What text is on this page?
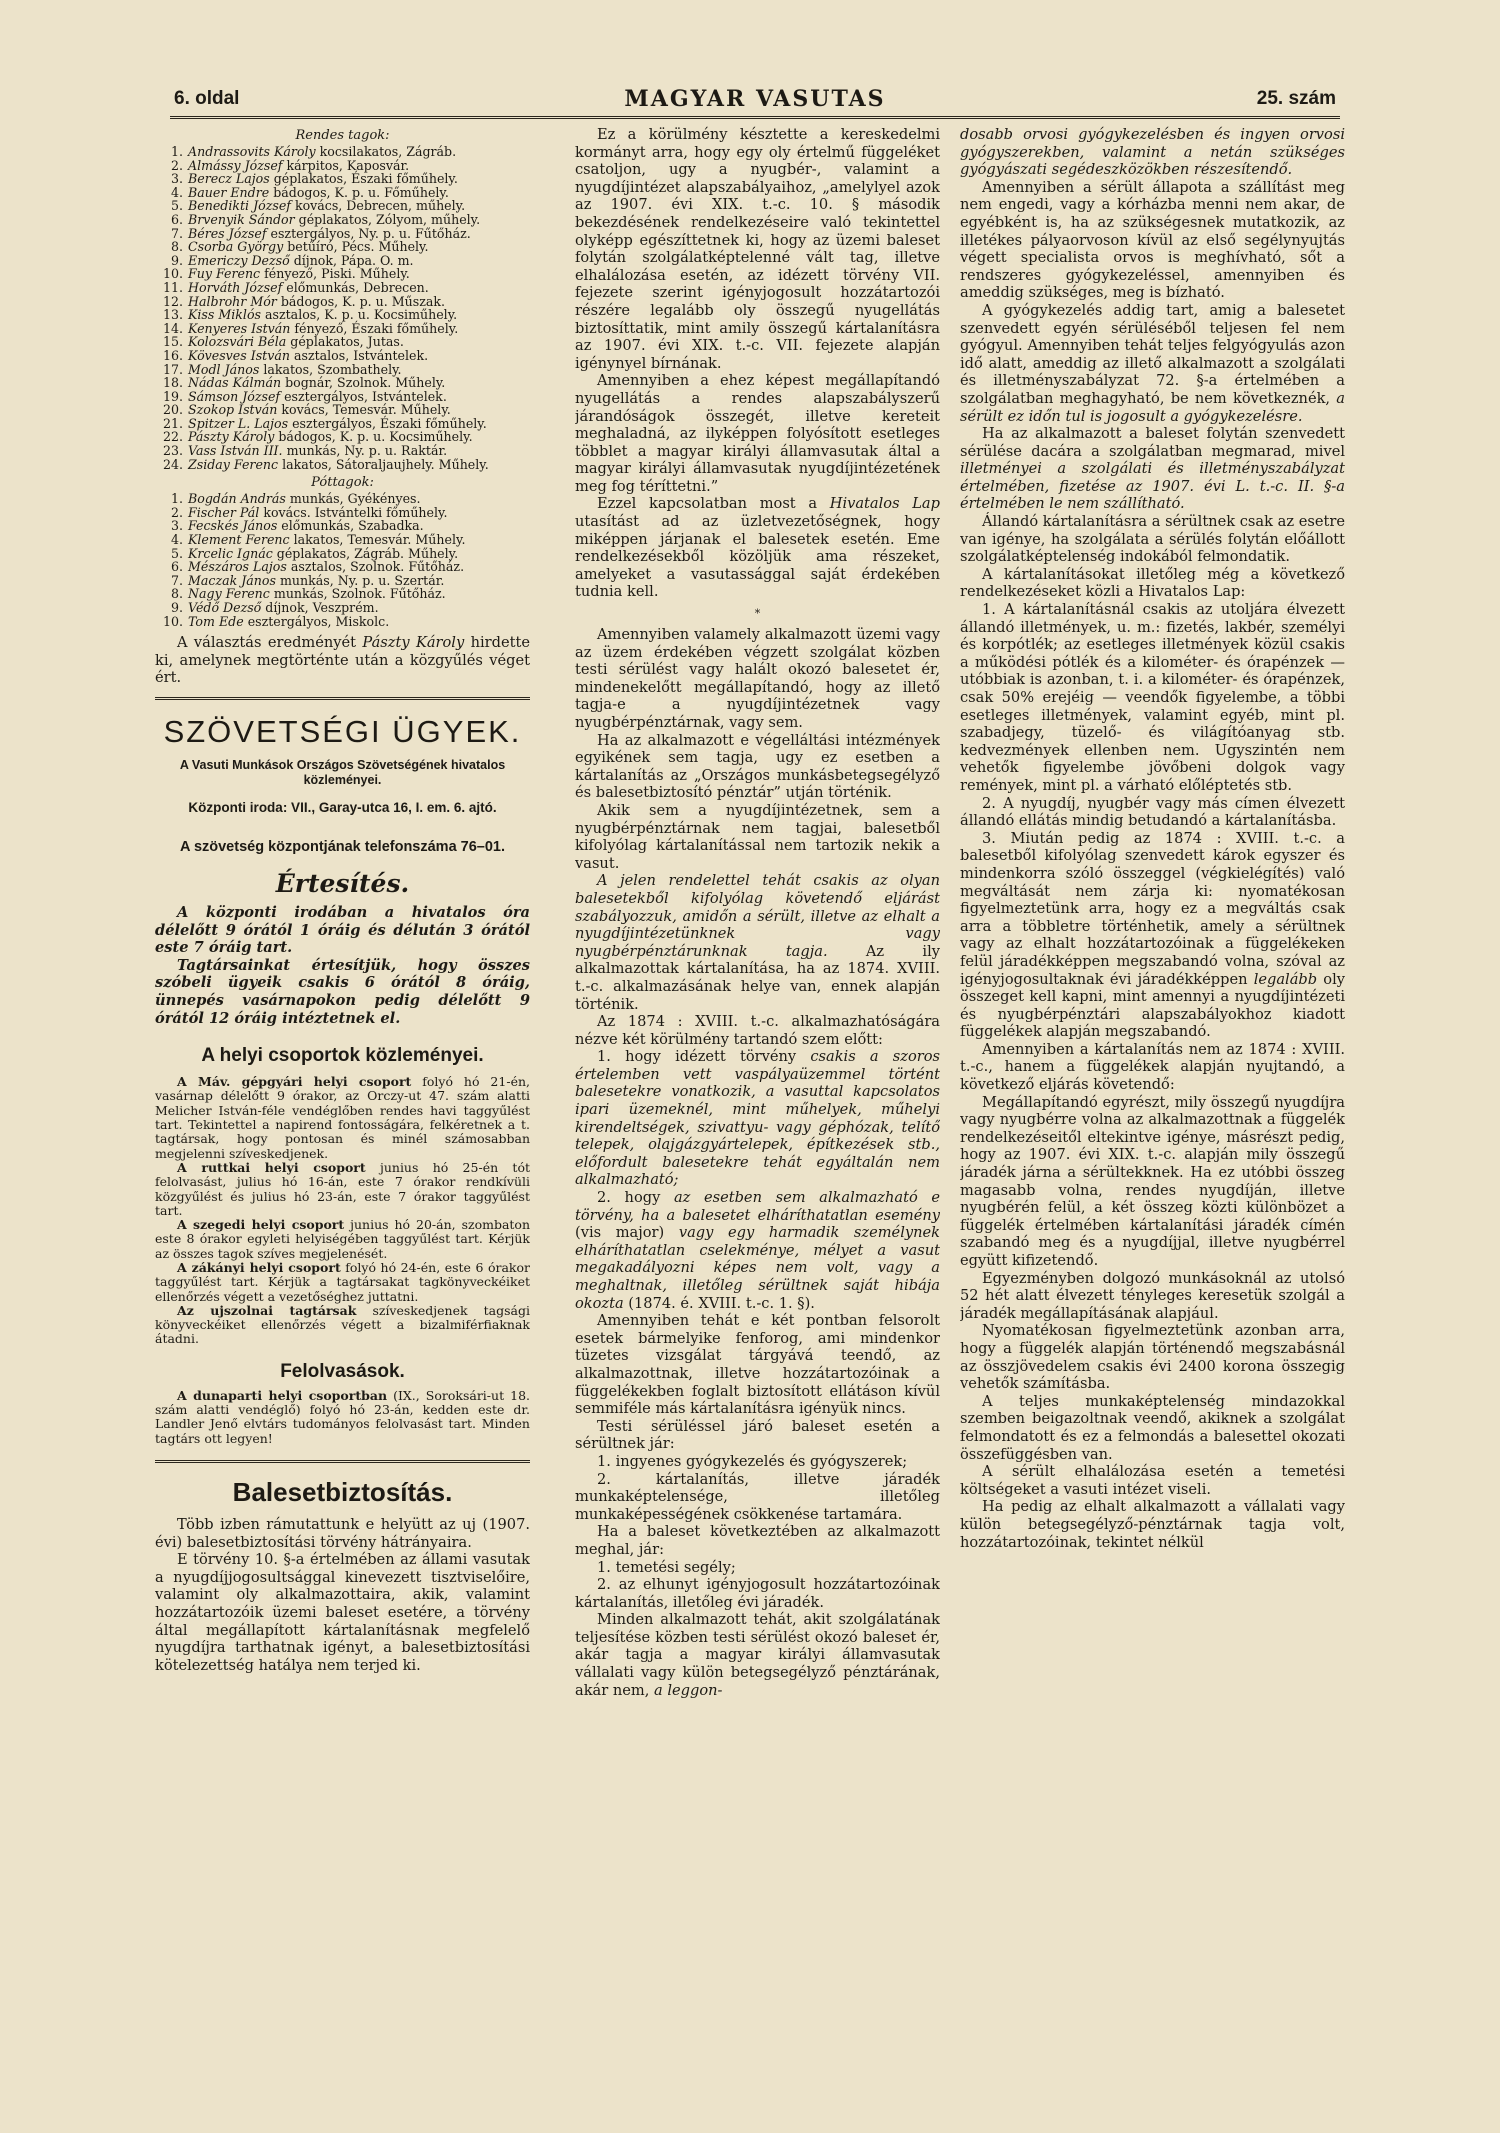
6. oldal	MAGYAR VASUTAS	25. szám
Rendes tagok:
1. Andrassovits Károly kocsilakatos, Zágráb.
2. Almássy József kárpitos, Kaposvár.
3. Berecz Lajos géplakatos, Északi főműhely.
4. Bauer Endre bádogos, K. p. u. Főműhely.
5. Benedikti József kovács, Debrecen, műhely.
6. Brvenyik Sándor géplakatos, Zólyom, műhely.
7. Béres József esztergályos, Ny. p. u. Fűtőház.
8. Csorba György betűíró, Pécs. Műhely.
9. Emericzy Dezső díjnok, Pápa. O. m.
10. Fuy Ferenc fényező, Piski. Műhely.
11. Horváth József előmunkás, Debrecen.
12. Halbrohr Mór bádogos, K. p. u. Műszak.
13. Kiss Miklós asztalos, K. p. u. Kocsiműhely.
14. Kenyeres István fényező, Északi főműhely.
15. Kolozsvári Béla géplakatos, Jutas.
16. Kövesves István asztalos, Istvántelek.
17. Modl János lakatos, Szombathely.
18. Nádas Kálmán bognár, Szolnok. Műhely.
19. Sámson József esztergályos, Istvántelek.
20. Szokop István kovács, Temesvár. Műhely.
21. Spitzer L. Lajos esztergályos, Északi főműhely.
22. Pászty Károly bádogos, K. p. u. Kocsiműhely.
23. Vass István III. munkás, Ny. p. u. Raktár.
24. Zsiday Ferenc lakatos, Sátoraljaujhely. Műhely.
Póttagok:
1. Bogdán András munkás, Gyékényes.
2. Fischer Pál kovács. Istvántelki főműhely.
3. Fecskés János előmunkás, Szabadka.
4. Klement Ferenc lakatos, Temesvár. Műhely.
5. Krcelic Ignác géplakatos, Zágráb. Műhely.
6. Mészáros Lajos asztalos, Szolnok. Fűtőház.
7. Maczak János munkás, Ny. p. u. Szertár.
8. Nagy Ferenc munkás, Szolnok. Fűtőház.
9. Védő Dezső díjnok, Veszprém.
10. Tom Ede esztergályos, Miskolc.

A választás eredményét Pászty Károly hirdette ki, amelynek megtörténte után a közgyűlés véget ért.

SZÖVETSÉGI ÜGYEK.
A Vasuti Munkások Országos Szövetségének hivatalos közleményei.
Központi iroda: VII., Garay-utca 16, I. em. 6. ajtó.
A szövetség központjának telefonszáma 76–01.
Értesítés.

A központi irodában a hivatalos óra délelőtt 9 órától 1 óráig és délután 3 órától este 7 óráig tart.

Tagtársainkat értesítjük, hogy összes szóbeli ügyeik csakis 6 órától 8 óráig, ünnepés vasárnapokon pedig délelőtt 9 órától 12 óráig intéztetnek el.

A helyi csoportok közleményei.

A Máv. gépgyári helyi csoport folyó hó 21-én, vasárnap délelőtt 9 órakor, az Orczy-ut 47. szám alatti Melicher István-féle vendéglőben rendes havi taggyűlést tart. Tekintettel a napirend fontosságára, felkéretnek a t. tagtársak, hogy pontosan és minél számosabban megjelenni szíveskedjenek.

A ruttkai helyi csoport junius hó 25-én tót felolvasást, julius hó 16-án, este 7 órakor rendkívüli közgyűlést és julius hó 23-án, este 7 órakor taggyűlést tart.

A szegedi helyi csoport junius hó 20-án, szombaton este 8 órakor egyleti helyiségében taggyűlést tart. Kérjük az összes tagok szíves megjelenését.

A zákányi helyi csoport folyó hó 24-én, este 6 órakor taggyűlést tart. Kérjük a tagtársakat tagkönyveckéiket ellenőrzés végett a vezetőséghez juttatni.

Az ujszolnai tagtársak szíveskedjenek tagsági könyveckéiket ellenőrzés végett a bizalmiférfiaknak átadni.

Felolvasások.

A dunaparti helyi csoportban (IX., Soroksári-ut 18. szám alatti vendéglő) folyó hó 23-án, kedden este dr. Landler Jenő elvtárs tudományos felolvasást tart. Minden tagtárs ott legyen!

Balesetbiztosítás.

Több izben rámutattunk e helyütt az uj (1907. évi) balesetbiztosítási törvény hátrányaira.

E törvény 10. §-a értelmében az állami vasutak a nyugdíjjogosultsággal kinevezett tisztviselőire, valamint oly alkalmazottaira, akik, valamint hozzátartozóik üzemi baleset esetére, a törvény által megállapított kártalanításnak megfelelő nyugdíjra tarthatnak igényt, a balesetbiztosítási kötelezettség hatálya nem terjed ki.

Ez a körülmény késztette a kereskedelmi kormányt arra, hogy egy oly értelmű függeléket csatoljon, ugy a nyugbér-, valamint a nyugdíjintézet alapszabályaihoz, „amelylyel azok az 1907. évi XIX. t.-c. 10. § második bekezdésének rendelkezéseire való tekintettel olyképp egészíttetnek ki, hogy az üzemi baleset folytán szolgálatképtelenné vált tag, illetve elhalálozása esetén, az idézett törvény VII. fejezete szerint igényjogosult hozzátartozói részére legalább oly összegű nyugellátás biztosíttatik, mint amily összegű kártalanításra az 1907. évi XIX. t.-c. VII. fejezete alapján igénynyel bírnának.

Amennyiben a ehez képest megállapítandó nyugellátás a rendes alapszabályszerű járandóságok összegét, illetve kereteit meghaladná, az ilyképpen folyósított esetleges többlet a magyar királyi államvasutak által a magyar királyi államvasutak nyugdíjintézetének meg fog téríttetni.”

Ezzel kapcsolatban most a Hivatalos Lap utasítást ad az üzletvezetőségnek, hogy miképpen járjanak el balesetek esetén. Eme rendelkezésekből közöljük ama részeket, amelyeket a vasutassággal saját érdekében tudnia kell.

*

Amennyiben valamely alkalmazott üzemi vagy az üzem érdekében végzett szolgálat közben testi sérülést vagy halált okozó balesetet ér, mindenekelőtt megállapítandó, hogy az illető tagja-e a nyugdíjintézetnek vagy nyugbérpénztárnak, vagy sem.

Ha az alkalmazott e végelláltási intézmények egyikének sem tagja, ugy ez esetben a kártalanítás az „Országos munkásbetegsegélyző és balesetbiztosító pénztár” utján történik.

Akik sem a nyugdíjintézetnek, sem a nyugbérpénztárnak nem tagjai, balesetből kifolyólag kártalanítással nem tartozik nekik a vasut.

A jelen rendelettel tehát csakis az olyan balesetekből kifolyólag követendő eljárást szabályozzuk, amidőn a sérült, illetve az elhalt a nyugdíjintézetünknek vagy nyugbérpénztárunknak tagja. Az ily alkalmazottak kártalanítása, ha az 1874. XVIII. t.-c. alkalmazásának helye van, ennek alapján történik.

Az 1874 : XVIII. t.-c. alkalmazhatóságára nézve két körülmény tartandó szem előtt:

1. hogy idézett törvény csakis a szoros értelemben vett vaspályaüzemmel történt balesetekre vonatkozik, a vasuttal kapcsolatos ipari üzemeknél, mint műhelyek, műhelyi kirendeltségek, szivattyu- vagy géphózak, telítő telepek, olajgázgyártelepek, építkezések stb., előfordult balesetekre tehát egyáltalán nem alkalmazható;

2. hogy az esetben sem alkalmazható e törvény, ha a balesetet elháríthatatlan esemény (vis major) vagy egy harmadik személynek elháríthatatlan cselekménye, mélyet a vasut megakadályozni képes nem volt, vagy a meghaltnak, illetőleg sérültnek saját hibája okozta (1874. é. XVIII. t.-c. 1. §).

Amennyiben tehát e két pontban felsorolt esetek bármelyike fenforog, ami mindenkor tüzetes vizsgálat tárgyává teendő, az alkalmazottnak, illetve hozzátartozóinak a függelékekben foglalt biztosított ellátáson kívül semmiféle más kártalanításra igényük nincs.

Testi sérüléssel járó baleset esetén a sérültnek jár:

1. ingyenes gyógykezelés és gyógyszerek;

2. kártalanítás, illetve járadék munkaképtelensége, illetőleg munkaképességének csökkenése tartamára.

Ha a baleset következtében az alkalmazott meghal, jár:

1. temetési segély;

2. az elhunyt igényjogosult hozzátartozóinak kártalanítás, illetőleg évi járadék.

Minden alkalmazott tehát, akit szolgálatának teljesítése közben testi sérülést okozó baleset ér, akár tagja a magyar királyi államvasutak vállalati vagy külön betegsegélyző pénztárának, akár nem, a leggon-

dosabb orvosi gyógykezelésben és ingyen orvosi gyógyszerekben, valamint a netán szükséges gyógyászati segédeszközökben részesítendő.

Amennyiben a sérült állapota a szállítást meg nem engedi, vagy a kórházba menni nem akar, de egyébként is, ha az szükségesnek mutatkozik, az illetékes pályaorvoson kívül az első segélynyujtás végett specialista orvos is meghívható, sőt a rendszeres gyógykezeléssel, amennyiben és ameddig szükséges, meg is bízható.

A gyógykezelés addig tart, amig a balesetet szenvedett egyén sérüléséből teljesen fel nem gyógyul. Amennyiben tehát teljes felgyógyulás azon idő alatt, ameddig az illető alkalmazott a szolgálati és illetményszabályzat 72. §-a értelmében a szolgálatban meghagyható, be nem következnék, a sérült ez időn tul is jogosult a gyógykezelésre.

Ha az alkalmazott a baleset folytán szenvedett sérülése dacára a szolgálatban megmarad, mivel illetményei a szolgálati és illetményszabályzat értelmében, fizetése az 1907. évi L. t.-c. II. §-a értelmében le nem szállítható.

Állandó kártalanításra a sérültnek csak az esetre van igénye, ha szolgálata a sérülés folytán előállott szolgálatképtelenség indokából felmondatik.

A kártalanításokat illetőleg még a következő rendelkezéseket közli a Hivatalos Lap:

1. A kártalanításnál csakis az utoljára élvezett állandó illetmények, u. m.: fizetés, lakbér, személyi és korpótlék; az esetleges illetmények közül csakis a működési pótlék és a kilométer- és órapénzek — utóbbiak is azonban, t. i. a kilométer- és órapénzek, csak 50% erejéig — veendők figyelembe, a többi esetleges illetmények, valamint egyéb, mint pl. szabadjegy, tüzelő- és világítóanyag stb. kedvezmények ellenben nem. Ugyszintén nem vehetők figyelembe jövőbeni dolgok vagy remények, mint pl. a várható előléptetés stb.

2. A nyugdíj, nyugbér vagy más címen élvezett állandó ellátás mindig betudandó a kártalanításba.

3. Miután pedig az 1874 : XVIII. t.-c. a balesetből kifolyólag szenvedett károk egyszer és mindenkorra szóló összeggel (végkielégítés) való megváltását nem zárja ki: nyomatékosan figyelmeztetünk arra, hogy ez a megváltás csak arra a többletre történhetik, amely a sérültnek vagy az elhalt hozzátartozóinak a függelékeken felül járadékképpen megszabandó volna, szóval az igényjogosultaknak évi járadékképpen legalább oly összeget kell kapni, mint amennyi a nyugdíjintézeti és nyugbérpénztári alapszabályokhoz kiadott függelékek alapján megszabandó.

Amennyiben a kártalanítás nem az 1874 : XVIII. t.-c., hanem a függelékek alapján nyujtandó, a következő eljárás követendő:

Megállapítandó egyrészt, mily összegű nyugdíjra vagy nyugbérre volna az alkalmazottnak a függelék rendelkezéseitől eltekintve igénye, másrészt pedig, hogy az 1907. évi XIX. t.-c. alapján mily összegű járadék járna a sérültekknek. Ha ez utóbbi összeg magasabb volna, rendes nyugdíján, illetve nyugbérén felül, a két összeg közti különbözet a függelék értelmében kártalanítási járadék címén szabandó meg és a nyugdíjjal, illetve nyugbérrel együtt kifizetendő.

Egyezményben dolgozó munkásoknál az utolsó 52 hét alatt élvezett tényleges keresetük szolgál a járadék megállapításának alapjául.

Nyomatékosan figyelmeztetünk azonban arra, hogy a függelék alapján történendő megszabásnál az összjövedelem csakis évi 2400 korona összegig vehetők számításba.

A teljes munkaképtelenség mindazokkal szemben beigazoltnak veendő, akiknek a szolgálat felmondatott és ez a felmondás a balesettel okozati összefüggésben van.

A sérült elhalálozása esetén a temetési költségeket a vasuti intézet viseli.

Ha pedig az elhalt alkalmazott a vállalati vagy külön betegsegélyző-pénztárnak tagja volt, hozzátartozóinak, tekintet nélkül
